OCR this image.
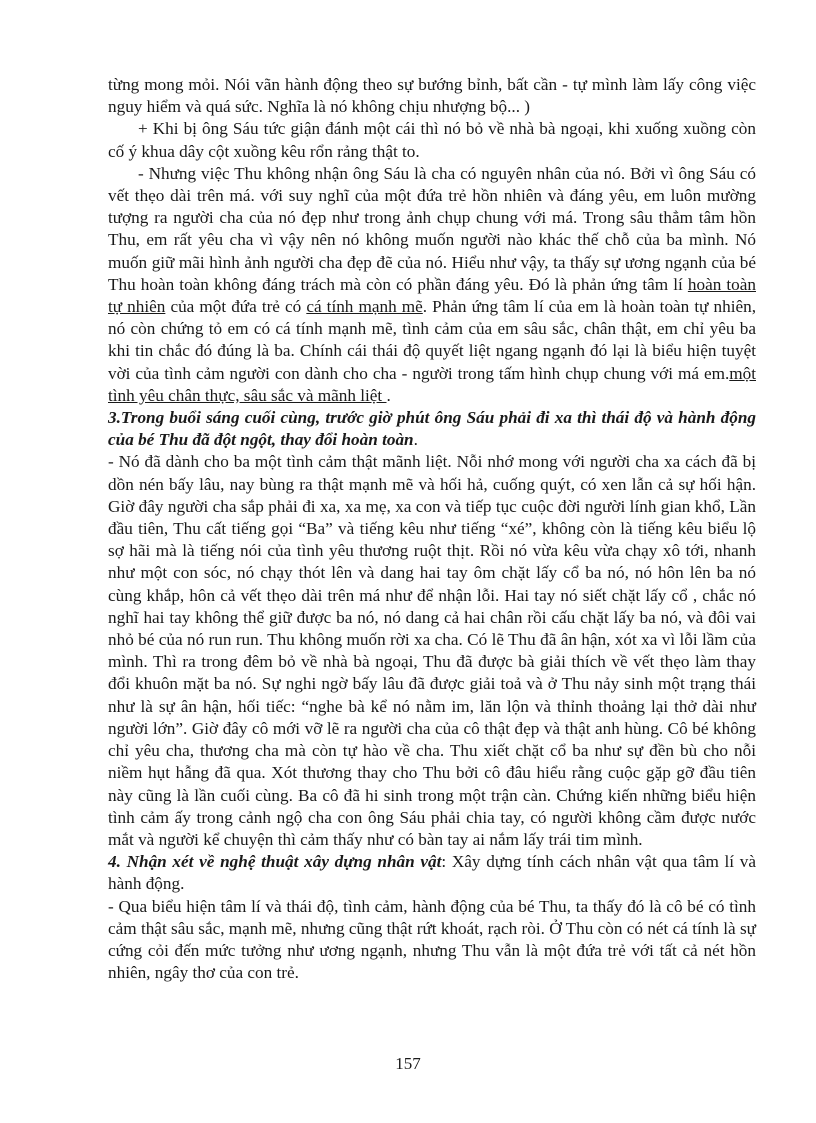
từng mong mỏi. Nói vãn hành động theo sự bướng bỉnh, bất cần - tự mình làm lấy công việc nguy hiểm và quá sức. Nghĩa là nó không chịu nhượng bộ... )

+ Khi bị ông Sáu tức giận đánh một cái thì nó bỏ về nhà bà ngoại, khi xuống xuồng còn cố ý khua dây cột xuồng kêu rổn rảng thật to.

- Nhưng việc Thu không nhận ông Sáu là cha có nguyên nhân của nó. Bởi vì ông Sáu có vết thẹo dài trên má. với suy nghĩ của một đứa trẻ hồn nhiên và đáng yêu, em luôn mường tượng ra người cha của nó đẹp như trong ảnh chụp chung với má. Trong sâu thẳm tâm hồn Thu, em rất yêu cha vì vậy nên nó không muốn người nào khác thế chỗ của ba mình. Nó muốn giữ mãi hình ảnh người cha đẹp đẽ của nó. Hiểu như vậy, ta thấy sự ương ngạnh của bé Thu hoàn toàn không đáng trách mà còn có phần đáng yêu. Đó là phản ứng tâm lí hoàn toàn tự nhiên của một đứa trẻ có cá tính mạnh mẽ. Phản ứng tâm lí của em là hoàn toàn tự nhiên, nó còn chứng tỏ em có cá tính mạnh mẽ, tình cảm của em sâu sắc, chân thật, em chỉ yêu ba khi tin chắc đó đúng là ba. Chính cái thái độ quyết liệt ngang ngạnh đó lại là biểu hiện tuyệt vời của tình cảm người con dành cho cha - người trong tấm hình chụp chung với má em.một tình yêu chân thực, sâu sắc và mãnh liệt .

3.Trong buổi sáng cuối cùng, trước giờ phút ông Sáu phải đi xa thì thái độ và hành động của bé Thu đã đột ngột, thay đổi hoàn toàn.

- Nó đã dành cho ba một tình cảm thật mãnh liệt. Nỗi nhớ mong với người cha xa cách đã bị dồn nén bấy lâu, nay bùng ra thật mạnh mẽ và hối hả, cuống quýt, có xen lẫn cả sự hối hận. Giờ đây người cha sắp phải đi xa, xa mẹ, xa con và tiếp tục cuộc đời người lính gian khổ, Lần đầu tiên, Thu cất tiếng gọi “Ba” và tiếng kêu như tiếng “xé”, không còn là tiếng kêu biểu lộ sợ hãi mà là tiếng nói của tình yêu thương ruột thịt. Rồi nó vừa kêu vừa chạy xô tới, nhanh như một con sóc, nó chạy thót lên và dang hai tay ôm chặt lấy cổ ba nó, nó hôn lên ba nó cùng khắp, hôn cả vết thẹo dài trên má như để nhận lỗi. Hai tay nó siết chặt lấy cổ , chắc nó nghĩ hai tay không thể giữ được ba nó, nó dang cả hai chân rồi cấu chặt lấy ba nó, và đôi vai nhỏ bé của nó run run. Thu không muốn rời xa cha. Có lẽ Thu đã ân hận, xót xa vì lỗi lầm của mình. Thì ra trong đêm bỏ về nhà bà ngoại, Thu đã được bà giải thích về vết thẹo làm thay đổi khuôn mặt ba nó. Sự nghi ngờ bấy lâu đã được giải toả và ở Thu nảy sinh một trạng thái như là sự ân hận, hối tiếc: “nghe bà kể nó nằm im, lăn lộn và thỉnh thoảng lại thở dài như người lớn”. Giờ đây cô mới vỡ lẽ ra người cha của cô thật đẹp và thật anh hùng. Cô bé không chỉ yêu cha, thương cha mà còn tự hào về cha. Thu xiết chặt cổ ba như sự đền bù cho nỗi niềm hụt hẫng đã qua. Xót thương thay cho Thu bởi cô đâu hiểu rằng cuộc gặp gỡ đầu tiên này cũng là lần cuối cùng. Ba cô đã hi sinh trong một trận càn. Chứng kiến những biểu hiện tình cảm ấy trong cảnh ngộ cha con ông Sáu phải chia tay, có người không cầm được nước mắt và người kể chuyện thì cảm thấy như có bàn tay ai nắm lấy trái tim mình.

4. Nhận xét về nghệ thuật xây dựng nhân vật: Xây dựng tính cách nhân vật qua tâm lí và hành động.

- Qua biểu hiện tâm lí và thái độ, tình cảm, hành động của bé Thu, ta thấy đó là cô bé có tình cảm thật sâu sắc, mạnh mẽ, nhưng cũng thật rứt khoát, rạch ròi. Ở Thu còn có nét cá tính là sự cứng cỏi đến mức tưởng như ương ngạnh, nhưng Thu vẫn là một đứa trẻ với tất cả nét hồn nhiên, ngây thơ của con trẻ.

157
